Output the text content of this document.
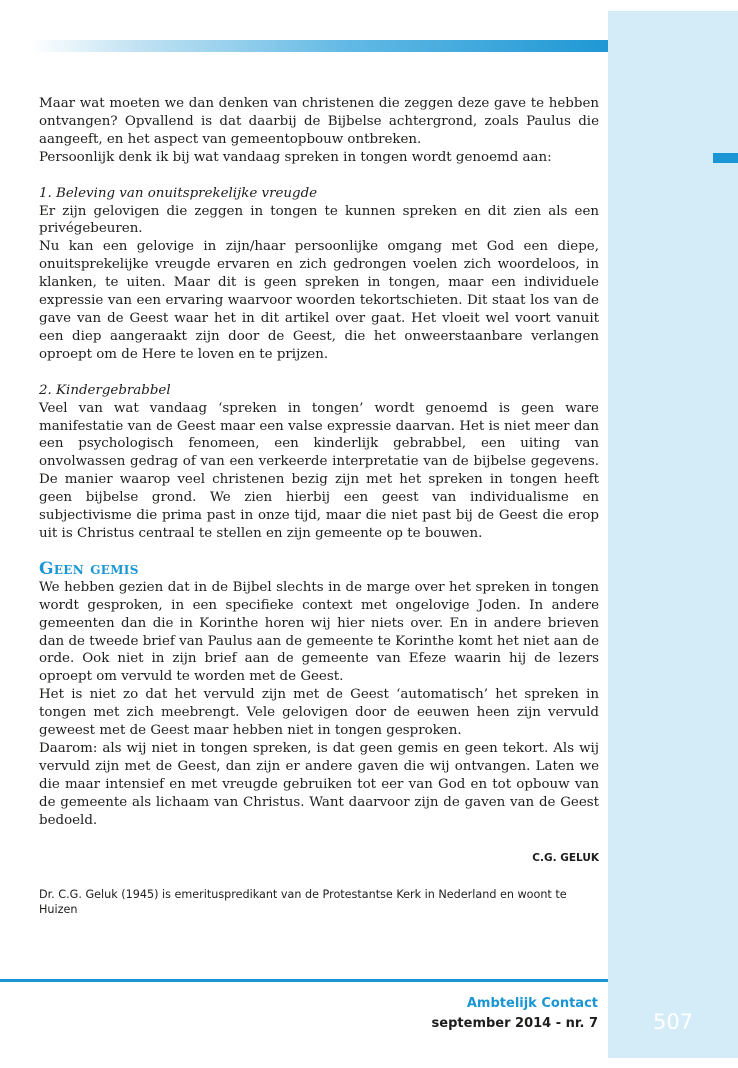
Maar wat moeten we dan denken van christenen die zeggen deze gave te hebben ontvangen? Opvallend is dat daarbij de Bijbelse achtergrond, zoals Paulus die aangeeft, en het aspect van gemeentopbouw ontbreken.

Persoonlijk denk ik bij wat vandaag spreken in tongen wordt genoemd aan:

1. Beleving van onuitsprekelijke vreugde

Er zijn gelovigen die zeggen in tongen te kunnen spreken en dit zien als een privégebeuren.

Nu kan een gelovige in zijn/haar persoonlijke omgang met God een diepe, onuitsprekelijke vreugde ervaren en zich gedrongen voelen zich woordeloos, in klanken, te uiten. Maar dit is geen spreken in tongen, maar een individuele expressie van een ervaring waarvoor woorden tekortschieten. Dit staat los van de gave van de Geest waar het in dit artikel over gaat. Het vloeit wel voort vanuit een diep aangeraakt zijn door de Geest, die het onweerstaanbare verlangen oproept om de Here te loven en te prijzen.

2. Kindergebrabbel

Veel van wat vandaag ‘spreken in tongen’ wordt genoemd is geen ware manifestatie van de Geest maar een valse expressie daarvan. Het is niet meer dan een psychologisch fenomeen, een kinderlijk gebrabbel, een uiting van onvolwassen gedrag of van een verkeerde interpretatie van de bijbelse gegevens. De manier waarop veel christenen bezig zijn met het spreken in tongen heeft geen bijbelse grond. We zien hierbij een geest van individualisme en subjectivisme die prima past in onze tijd, maar die niet past bij de Geest die erop uit is Christus centraal te stellen en zijn gemeente op te bouwen.

Geen gemis

We hebben gezien dat in de Bijbel slechts in de marge over het spreken in tongen wordt gesproken, in een specifieke context met ongelovige Joden. In andere gemeenten dan die in Korinthe horen wij hier niets over. En in andere brieven dan de tweede brief van Paulus aan de gemeente te Korinthe komt het niet aan de orde. Ook niet in zijn brief aan de gemeente van Efeze waarin hij de lezers oproept om vervuld te worden met de Geest.

Het is niet zo dat het vervuld zijn met de Geest ‘automatisch’ het spreken in tongen met zich meebrengt. Vele gelovigen door de eeuwen heen zijn vervuld geweest met de Geest maar hebben niet in tongen gesproken.

Daarom: als wij niet in tongen spreken, is dat geen gemis en geen tekort. Als wij vervuld zijn met de Geest, dan zijn er andere gaven die wij ontvangen. Laten we die maar intensief en met vreugde gebruiken tot eer van God en tot opbouw van de gemeente als lichaam van Christus. Want daarvoor zijn de gaven van de Geest bedoeld.

C.G. GELUK
Dr. C.G. Geluk (1945) is emerituspredikant van de Protestantse Kerk in Nederland en woont te Huizen
Ambtelijk Contact
september 2014 - nr. 7	507
